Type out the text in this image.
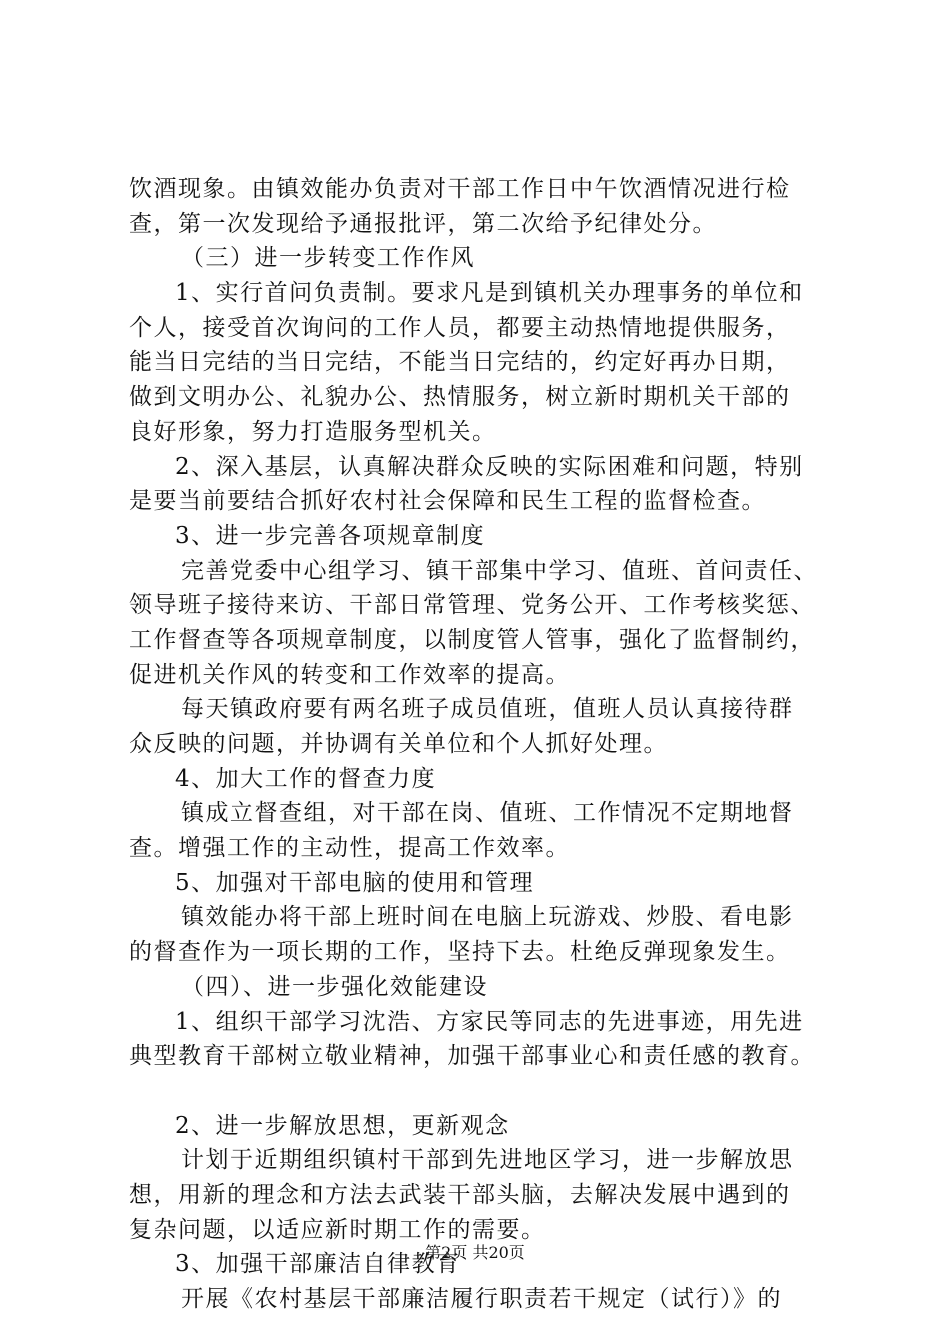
饮酒现象。由镇效能办负责对干部工作日中午饮酒情况进行检
查，第一次发现给予通报批评，第二次给予纪律处分。
（三）进一步转变工作作风
1、实行首问负责制。要求凡是到镇机关办理事务的单位和
个人，接受首次询问的工作人员，都要主动热情地提供服务，
能当日完结的当日完结，不能当日完结的，约定好再办日期，
做到文明办公、礼貌办公、热情服务，树立新时期机关干部的
良好形象，努力打造服务型机关。
2、深入基层，认真解决群众反映的实际困难和问题，特别
是要当前要结合抓好农村社会保障和民生工程的监督检查。
3、进一步完善各项规章制度
完善党委中心组学习、镇干部集中学习、值班、首问责任、
领导班子接待来访、干部日常管理、党务公开、工作考核奖惩、
工作督查等各项规章制度，以制度管人管事，强化了监督制约，
促进机关作风的转变和工作效率的提高。
每天镇政府要有两名班子成员值班，值班人员认真接待群
众反映的问题，并协调有关单位和个人抓好处理。
4、加大工作的督查力度
镇成立督查组，对干部在岗、值班、工作情况不定期地督
查。增强工作的主动性，提高工作效率。
5、加强对干部电脑的使用和管理
镇效能办将干部上班时间在电脑上玩游戏、炒股、看电影
的督查作为一项长期的工作，坚持下去。杜绝反弹现象发生。
（四）、进一步强化效能建设
1、组织干部学习沈浩、方家民等同志的先进事迹，用先进
典型教育干部树立敬业精神，加强干部事业心和责任感的教育。
2、进一步解放思想，更新观念
计划于近期组织镇村干部到先进地区学习，进一步解放思
想，用新的理念和方法去武装干部头脑，去解决发展中遇到的
复杂问题，以适应新时期工作的需要。
3、加强干部廉洁自律教育
开展《农村基层干部廉洁履行职责若干规定（试行）》的
第2页 共20页
